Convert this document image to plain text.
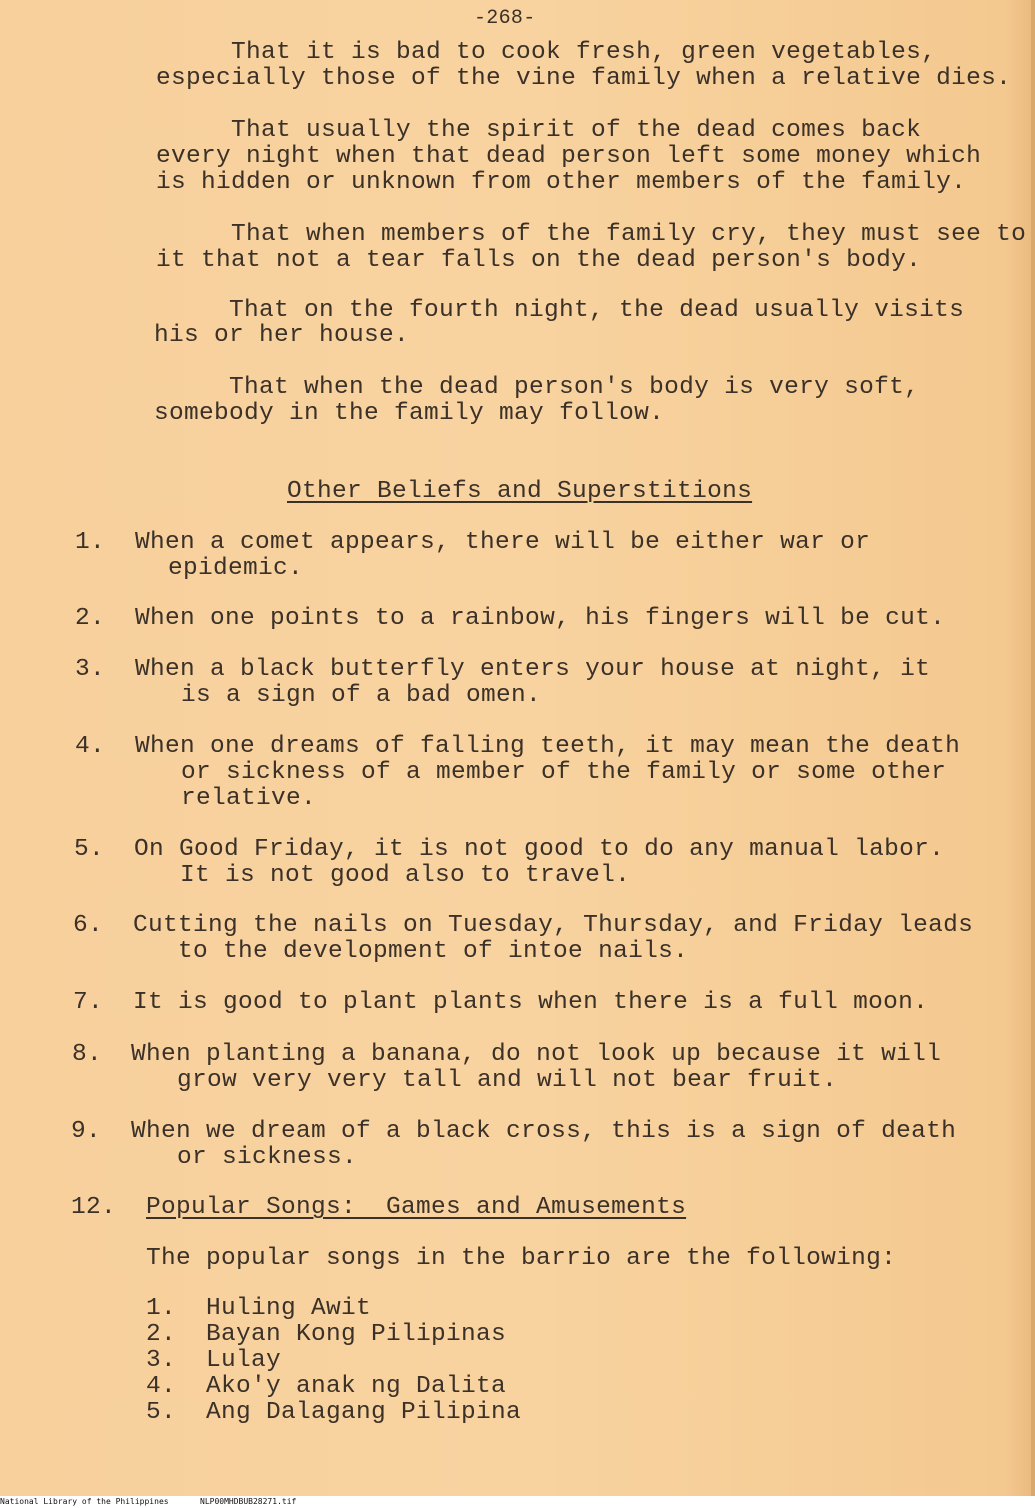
-268-
That it is bad to cook fresh, green vegetables,
especially those of the vine family when a relative dies.
That usually the spirit of the dead comes back
every night when that dead person left some money which
is hidden or unknown from other members of the family.
That when members of the family cry, they must see to
it that not a tear falls on the dead person's body.
That on the fourth night, the dead usually visits
his or her house.
That when the dead person's body is very soft,
somebody in the family may follow.
Other Beliefs and Superstitions
1. When a comet appears, there will be either war or
epidemic.
2. When one points to a rainbow, his fingers will be cut.
3. When a black butterfly enters your house at night, it
is a sign of a bad omen.
4. When one dreams of falling teeth, it may mean the death
or sickness of a member of the family or some other
relative.
5. On Good Friday, it is not good to do any manual labor.
It is not good also to travel.
6. Cutting the nails on Tuesday, Thursday, and Friday leads
to the development of intoe nails.
7. It is good to plant plants when there is a full moon.
8. When planting a banana, do not look up because it will
grow very very tall and will not bear fruit.
9. When we dream of a black cross, this is a sign of death
or sickness.
12. Popular Songs:  Games and Amusements
The popular songs in the barrio are the following:
1. Huling Awit
2. Bayan Kong Pilipinas
3. Lulay
4. Ako'y anak ng Dalita
5. Ang Dalagang Pilipina
National Library of the Philippines	NLP00MHDBUB28271.tif
